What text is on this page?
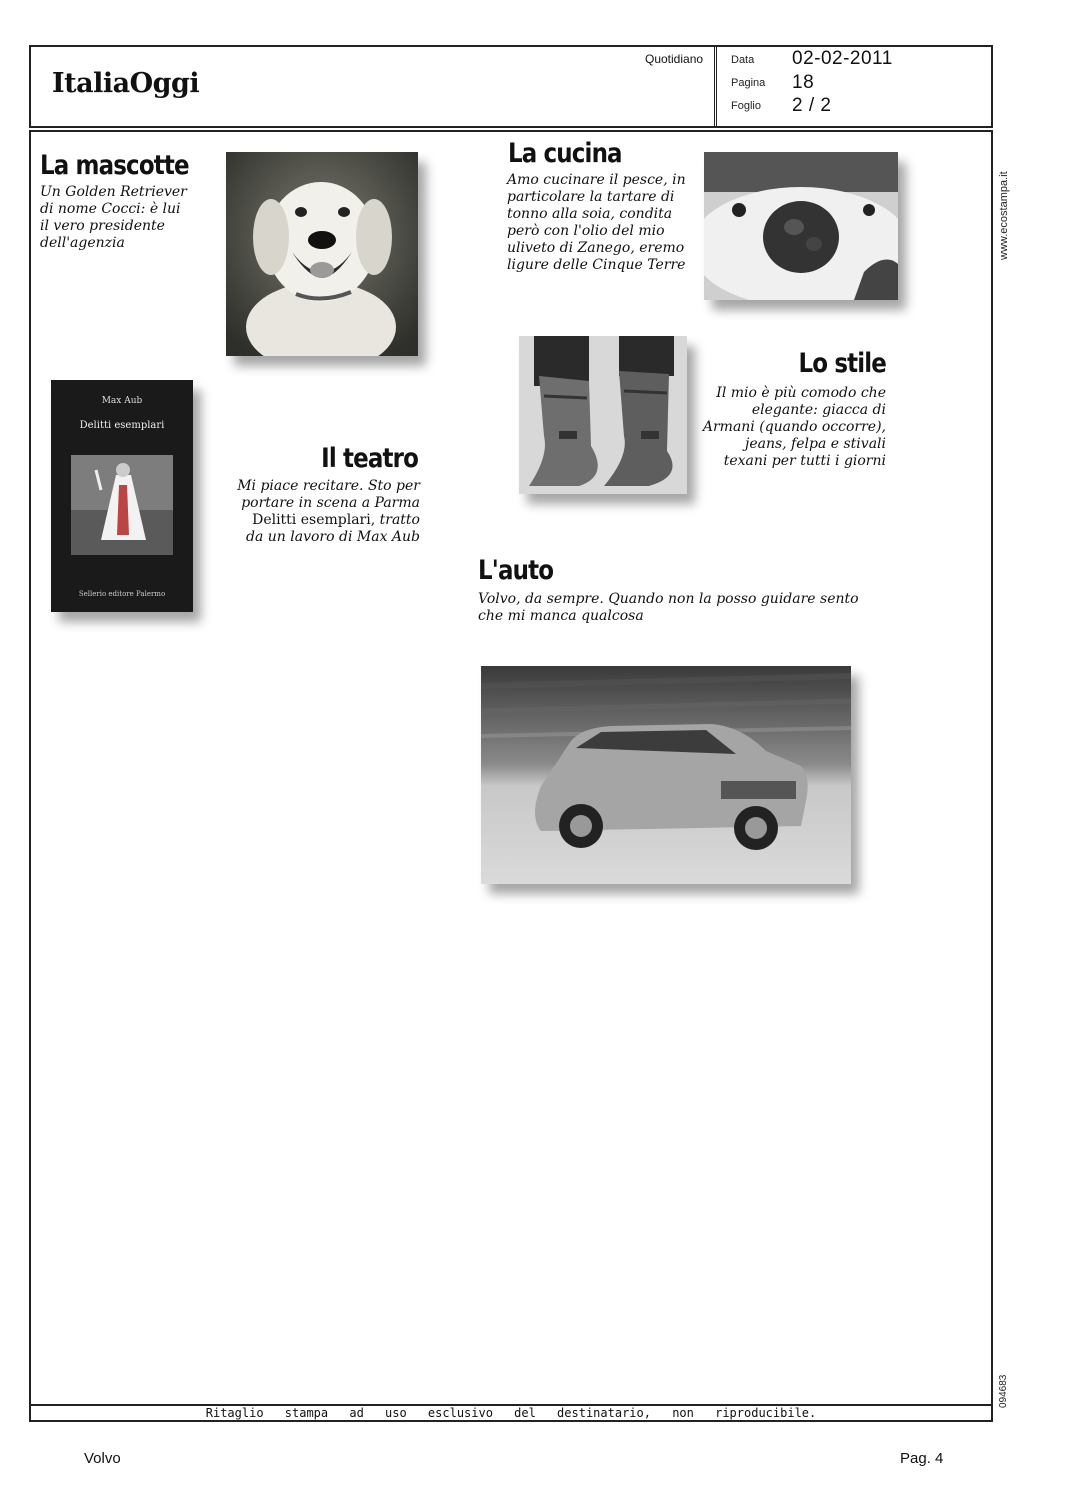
ItaliaOggi
Quotidiano	Data 02-02-2011
Pagina 18
Foglio 2 / 2
www.ecostampa.it
094683
La mascotte
Un Golden Retriever di nome Cocci: è lui il vero presidente dell'agenzia
La cucina
Amo cucinare il pesce, in particolare la tartare di tonno alla soia, condita però con l'olio del mio uliveto di Zanego, eremo ligure delle Cinque Terre
Lo stile
Il mio è più comodo che elegante: giacca di Armani (quando occorre), jeans, felpa e stivali texani per tutti i giorni
Max Aub
Delitti esemplari
Sellerio editore Palermo
Il teatro
Mi piace recitare. Sto per portare in scena a Parma Delitti esemplari, tratto da un lavoro di Max Aub
L'auto
Volvo, da sempre. Quando non la posso guidare sento che mi manca qualcosa
Ritaglio stampa ad uso esclusivo del destinatario, non riproducibile.
Volvo	Pag. 4
